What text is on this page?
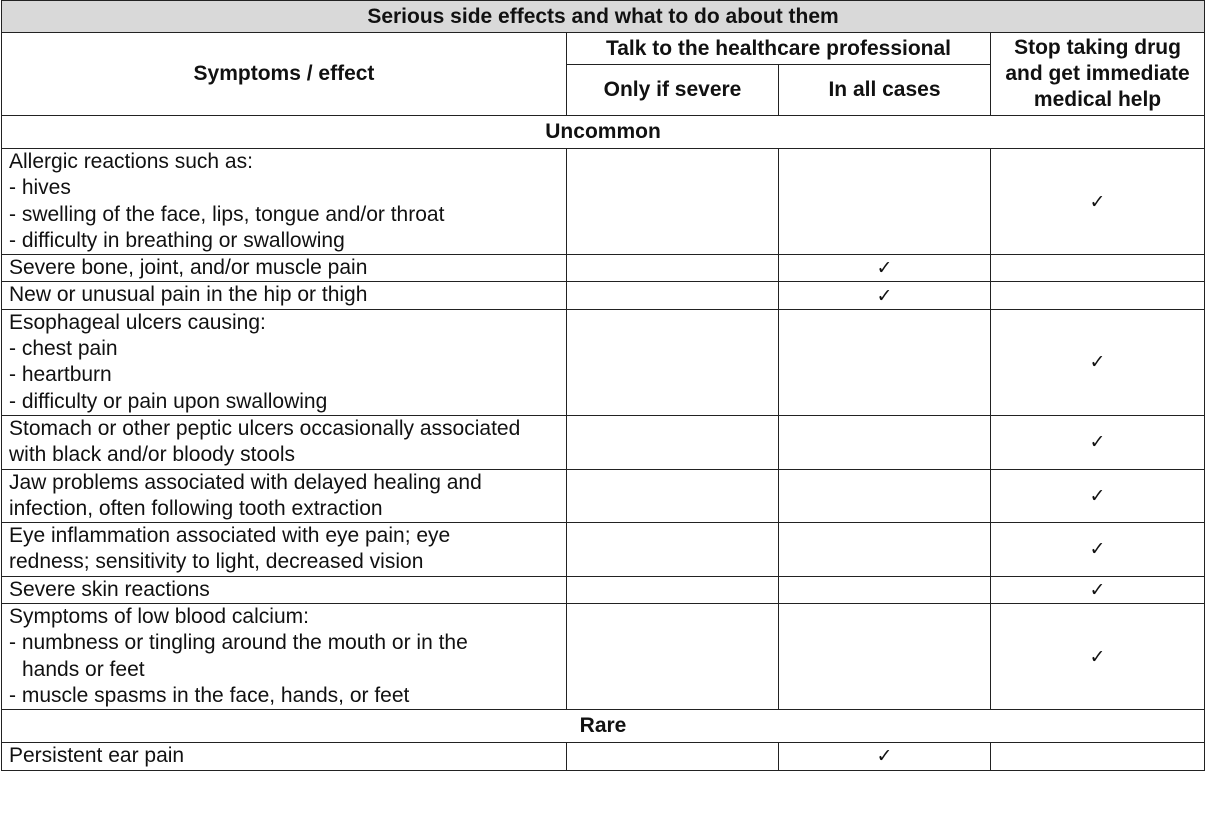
Serious side effects and what to do about them			
Symptoms / effect	Talk to the healthcare professional		Stop taking drug
and get immediate
medical help
	Only if severe	In all cases	
Uncommon			

Allergic reactions such as:
- hives
- swelling of the face, lips, tongue and/or throat
- difficulty in breathing or swallowing			✓

Severe bone, joint, and/or muscle pain		✓	

New or unusual pain in the hip or thigh		✓	

Esophageal ulcers causing:
- chest pain
- heartburn
- difficulty or pain upon swallowing			✓

Stomach or other peptic ulcers occasionally associated
with black and/or bloody stools			✓

Jaw problems associated with delayed healing and
infection, often following tooth extraction			✓

Eye inflammation associated with eye pain; eye
redness; sensitivity to light, decreased vision			✓

Severe skin reactions			✓

Symptoms of low blood calcium:
- numbness or tingling around the mouth or in the
hands or feet
- muscle spasms in the face, hands, or feet			✓
Rare			

Persistent ear pain		✓	
